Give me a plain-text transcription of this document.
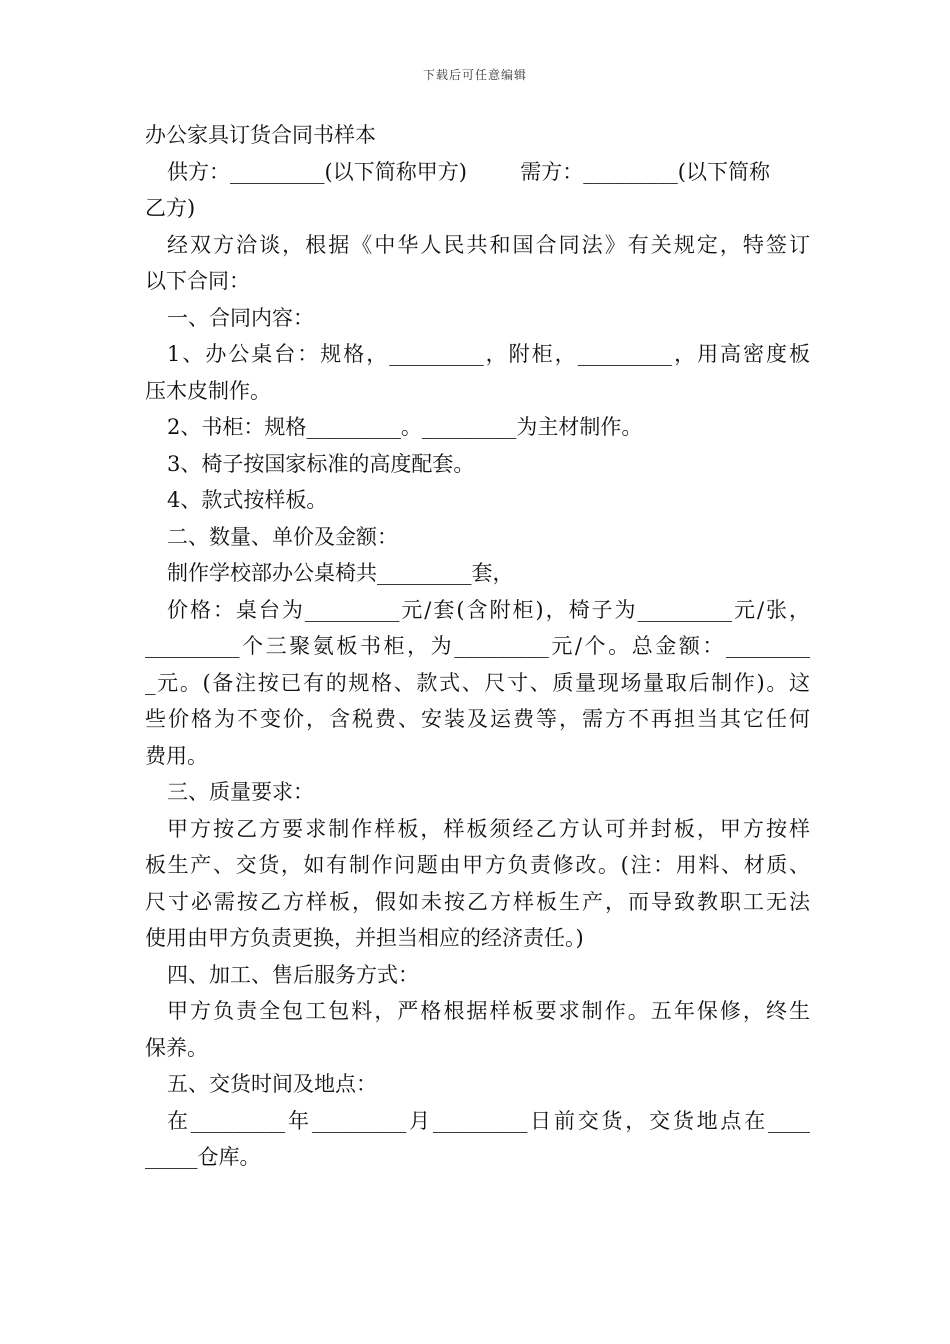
下载后可任意编辑
办公家具订货合同书样本
供方：_________(以下简称甲方)        需方：_________(以下简称
乙方)
经双方洽谈，根据《中华人民共和国合同法》有关规定，特签订
以下合同：
一、合同内容：
1、办公桌台：规格，_________，附柜，_________，用高密度板
压木皮制作。
2、书柜：规格_________。_________为主材制作。
3、椅子按国家标准的高度配套。
4、款式按样板。
二、数量、单价及金额：
制作学校部办公桌椅共_________套，
价格：桌台为_________元/套(含附柜)，椅子为_________元/张，
_________个三聚氨板书柜，为_________元/个。总金额：________
_元。(备注按已有的规格、款式、尺寸、质量现场量取后制作)。这
些价格为不变价，含税费、安装及运费等，需方不再担当其它任何
费用。
三、质量要求：
甲方按乙方要求制作样板，样板须经乙方认可并封板，甲方按样
板生产、交货，如有制作问题由甲方负责修改。(注：用料、材质、
尺寸必需按乙方样板，假如未按乙方样板生产，而导致教职工无法
使用由甲方负责更换，并担当相应的经济责任。)
四、加工、售后服务方式：
甲方负责全包工包料，严格根据样板要求制作。五年保修，终生
保养。
五、交货时间及地点：
在_________年_________月_________日前交货，交货地点在____
_____仓库。
